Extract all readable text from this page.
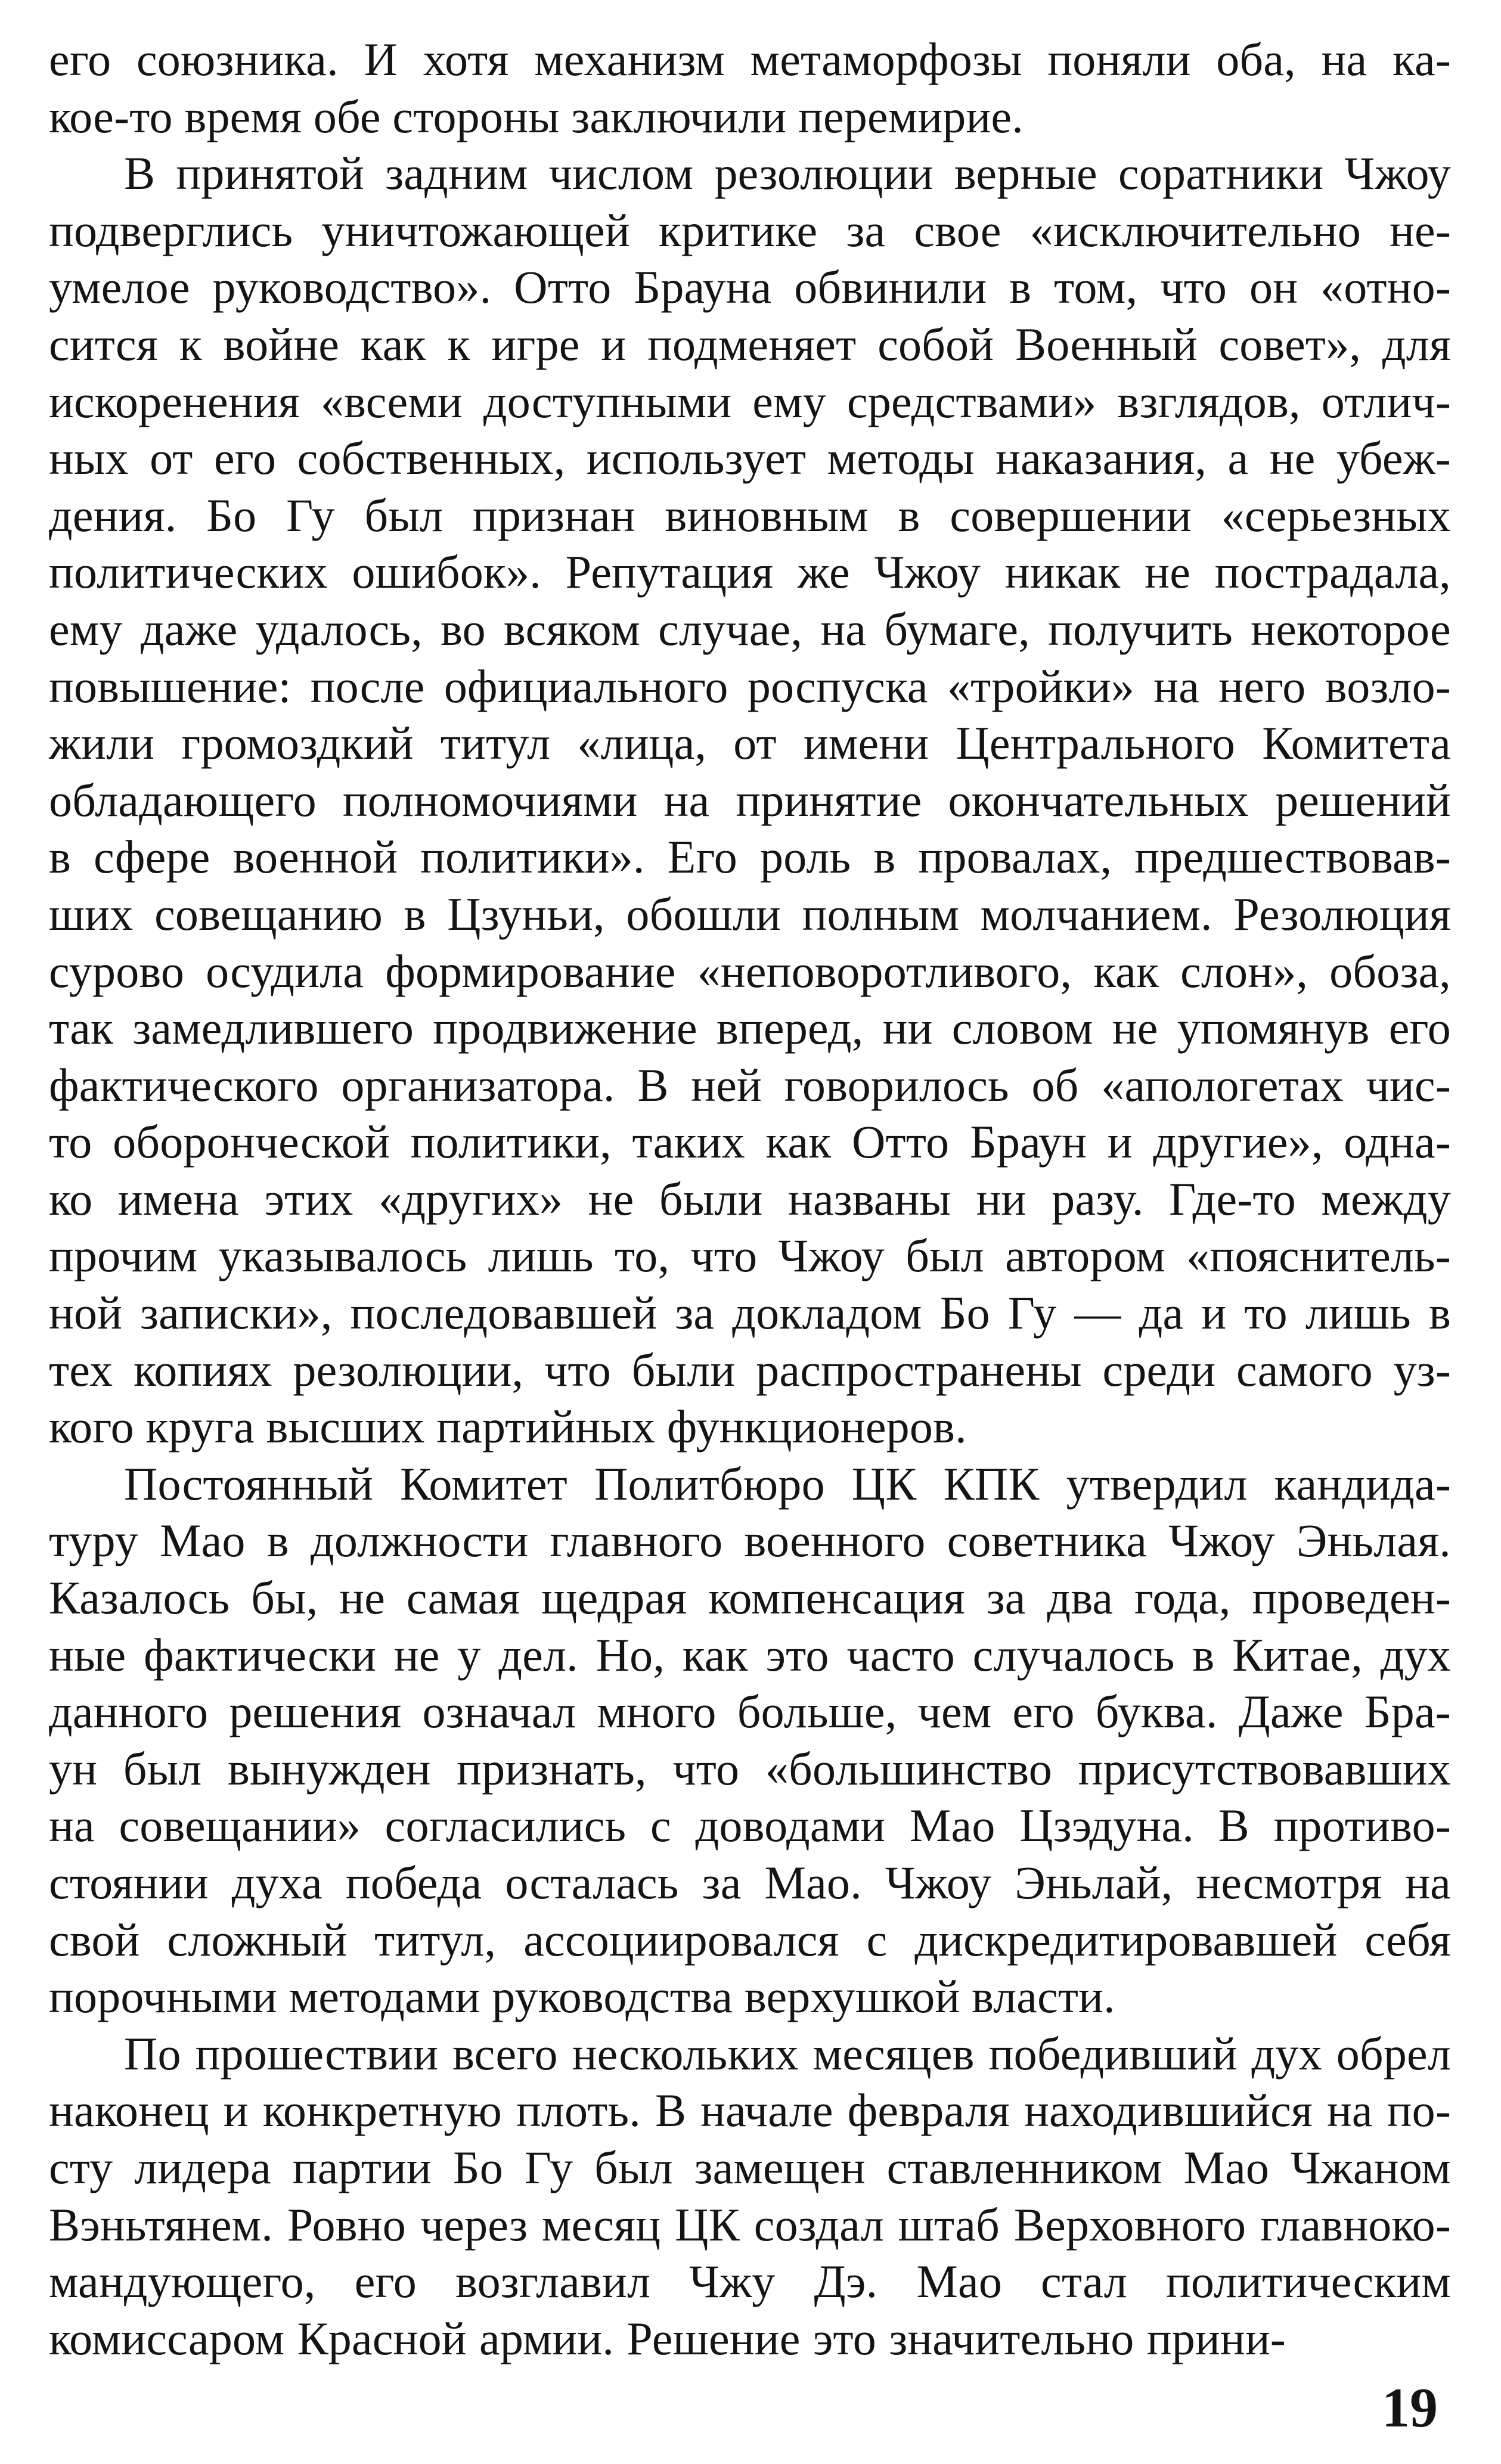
его союзника. И хотя механизм метаморфозы поняли оба, на ка-
кое-то время обе стороны заключили перемирие.
В принятой задним числом резолюции верные соратники Чжоу
подверглись уничтожающей критике за свое «исключительно не-
умелое руководство». Отто Брауна обвинили в том, что он «отно-
сится к войне как к игре и подменяет собой Военный совет», для
искоренения «всеми доступными ему средствами» взглядов, отлич-
ных от его собственных, использует методы наказания, а не убеж-
дения. Бо Гу был признан виновным в совершении «серьезных
политических ошибок». Репутация же Чжоу никак не пострадала,
ему даже удалось, во всяком случае, на бумаге, получить некоторое
повышение: после официального роспуска «тройки» на него возло-
жили громоздкий титул «лица, от имени Центрального Комитета
обладающего полномочиями на принятие окончательных решений
в сфере военной политики». Его роль в провалах, предшествовав-
ших совещанию в Цзуньи, обошли полным молчанием. Резолюция
сурово осудила формирование «неповоротливого, как слон», обоза,
так замедлившего продвижение вперед, ни словом не упомянув его
фактического организатора. В ней говорилось об «апологетах чис-
то оборонческой политики, таких как Отто Браун и другие», одна-
ко имена этих «других» не были названы ни разу. Где-то между
прочим указывалось лишь то, что Чжоу был автором «пояснитель-
ной записки», последовавшей за докладом Бо Гу — да и то лишь в
тех копиях резолюции, что были распространены среди самого уз-
кого круга высших партийных функционеров.
Постоянный Комитет Политбюро ЦК КПК утвердил кандида-
туру Мао в должности главного военного советника Чжоу Эньлая.
Казалось бы, не самая щедрая компенсация за два года, проведен-
ные фактически не у дел. Но, как это часто случалось в Китае, дух
данного решения означал много больше, чем его буква. Даже Бра-
ун был вынужден признать, что «большинство присутствовавших
на совещании» согласились с доводами Мао Цзэдуна. В противо-
стоянии духа победа осталась за Мао. Чжоу Эньлай, несмотря на
свой сложный титул, ассоциировался с дискредитировавшей себя
порочными методами руководства верхушкой власти.
По прошествии всего нескольких месяцев победивший дух обрел
наконец и конкретную плоть. В начале февраля находившийся на по-
сту лидера партии Бо Гу был замещен ставленником Мао Чжаном
Вэньтянем. Ровно через месяц ЦК создал штаб Верховного главноко-
мандующего, его возглавил Чжу Дэ. Мао стал политическим
комиссаром Красной армии. Решение это значительно прини-
19
